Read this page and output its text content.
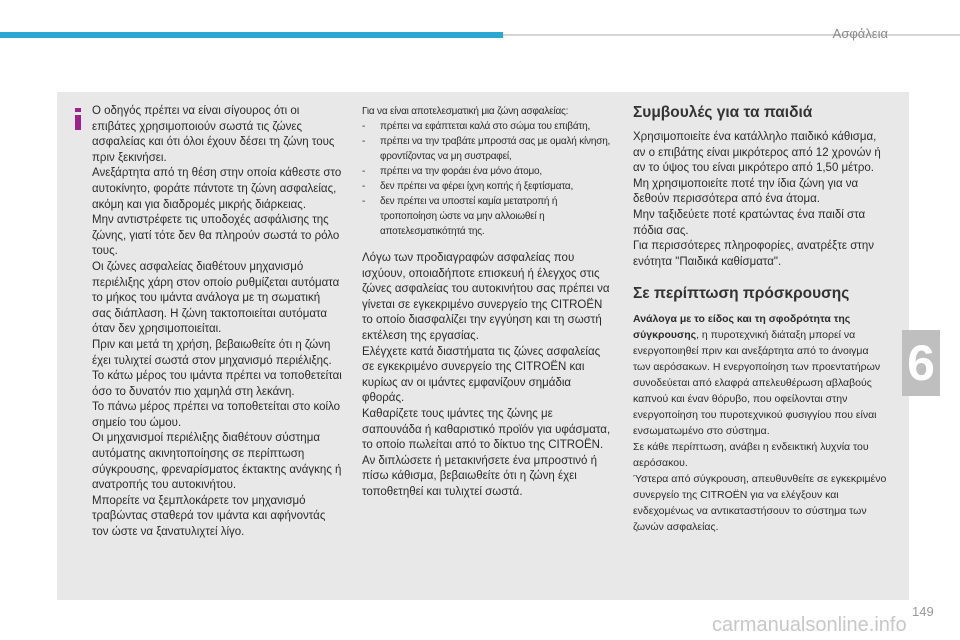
Ασφάλεια

Ο οδηγός πρέπει να είναι σίγουρος ότι οι επιβάτες χρησιμοποιούν σωστά τις ζώνες ασφαλείας και ότι όλοι έχουν δέσει τη ζώνη τους πριν ξεκινήσει.
Ανεξάρτητα από τη θέση στην οποία κάθεστε στο αυτοκίνητο, φοράτε πάντοτε τη ζώνη ασφαλείας, ακόμη και για διαδρομές μικρής διάρκειας.
Μην αντιστρέφετε τις υποδοχές ασφάλισης της ζώνης, γιατί τότε δεν θα πληρούν σωστά το ρόλο τους.
Οι ζώνες ασφαλείας διαθέτουν μηχανισμό περιέλιξης χάρη στον οποίο ρυθμίζεται αυτόματα το μήκος του ιμάντα ανάλογα με τη σωματική σας διάπλαση. Η ζώνη τακτοποιείται αυτόματα όταν δεν χρησιμοποιείται.
Πριν και μετά τη χρήση, βεβαιωθείτε ότι η ζώνη έχει τυλιχτεί σωστά στον μηχανισμό περιέλιξης.
Το κάτω μέρος του ιμάντα πρέπει να τοποθετείται όσο το δυνατόν πιο χαμηλά στη λεκάνη.
Το πάνω μέρος πρέπει να τοποθετείται στο κοίλο σημείο του ώμου.
Οι μηχανισμοί περιέλιξης διαθέτουν σύστημα αυτόματης ακινητοποίησης σε περίπτωση σύγκρουσης, φρεναρίσματος έκτακτης ανάγκης ή ανατροπής του αυτοκινήτου.
Μπορείτε να ξεμπλοκάρετε τον μηχανισμό τραβώντας σταθερά τον ιμάντα και αφήνοντάς τον ώστε να ξανατυλιχτεί λίγο.

Για να είναι αποτελεσματική μια ζώνη ασφαλείας:

-	πρέπει να εφάπτεται καλά στο σώμα του επιβάτη,
-	πρέπει να την τραβάτε μπροστά σας με ομαλή κίνηση, φροντίζοντας να μη συστραφεί,
-	πρέπει να την φοράει ένα μόνο άτομο,
-	δεν πρέπει να φέρει ίχνη κοπής ή ξεφτίσματα,
-	δεν πρέπει να υποστεί καμία μετατροπή ή τροποποίηση ώστε να μην αλλοιωθεί η αποτελεσματικότητά της.

Λόγω των προδιαγραφών ασφαλείας που ισχύουν, οποιαδήποτε επισκευή ή έλεγχος στις ζώνες ασφαλείας του αυτοκινήτου σας πρέπει να γίνεται σε εγκεκριμένο συνεργείο της CITROËN το οποίο διασφαλίζει την εγγύηση και τη σωστή εκτέλεση της εργασίας.
Ελέγχετε κατά διαστήματα τις ζώνες ασφαλείας σε εγκεκριμένο συνεργείο της CITROËN και κυρίως αν οι ιμάντες εμφανίζουν σημάδια φθοράς.
Καθαρίζετε τους ιμάντες της ζώνης με σαπουνάδα ή καθαριστικό προϊόν για υφάσματα, το οποίο πωλείται από το δίκτυο της CITROËN.
Αν διπλώσετε ή μετακινήσετε ένα μπροστινό ή πίσω κάθισμα, βεβαιωθείτε ότι η ζώνη έχει τοποθετηθεί και τυλιχτεί σωστά.

Συμβουλές για τα παιδιά

Χρησιμοποιείτε ένα κατάλληλο παιδικό κάθισμα, αν ο επιβάτης είναι μικρότερος από 12 χρονών ή αν το ύψος του είναι μικρότερο από 1,50 μέτρο.
Μη χρησιμοποιείτε ποτέ την ίδια ζώνη για να δεθούν περισσότερα από ένα άτομα.
Μην ταξιδεύετε ποτέ κρατώντας ένα παιδί στα πόδια σας.
Για περισσότερες πληροφορίες, ανατρέξτε στην ενότητα "Παιδικά καθίσματα".

Σε περίπτωση πρόσκρουσης

Ανάλογα με το είδος και τη σφοδρότητα της σύγκρουσης, η πυροτεχνική διάταξη μπορεί να ενεργοποιηθεί πριν και ανεξάρτητα από το άνοιγμα των αερόσακων. Η ενεργοποίηση των προεντατήρων συνοδεύεται από ελαφρά απελευθέρωση αβλαβούς καπνού και έναν θόρυβο, που οφείλονται στην ενεργοποίηση του πυροτεχνικού φυσιγγίου που είναι ενσωματωμένο στο σύστημα.
Σε κάθε περίπτωση, ανάβει η ενδεικτική λυχνία του αερόσακου.
Ύστερα από σύγκρουση, απευθυνθείτε σε εγκεκριμένο συνεργείο της CITROËN για να ελέγξουν και ενδεχομένως να αντικαταστήσουν το σύστημα των ζωνών ασφαλείας.

6
149
carmanualsonline.info
